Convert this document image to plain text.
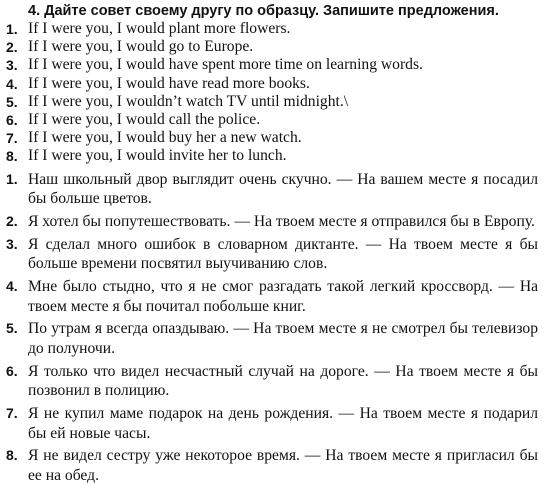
4. Дайте совет своему другу по образцу. Запишите предложения.
1. If I were you, I would plant more flowers.
2. If I were you, I would go to Europe.
3. If I were you, I would have spent more time on learning words.
4. If I were you, I would have read more books.
5. If I were you, I wouldn’t watch TV until midnight.\
6. If I were you, I would call the police.
7. If I were you, I would buy her a new watch.
8. If I were you, I would invite her to lunch.
1. Наш школьный двор выглядит очень скучно. — На вашем месте я посадил бы больше цветов.
2. Я хотел бы попутешествовать. — На твоем месте я отправился бы в Европу.
3. Я сделал много ошибок в словарном диктанте. — На твоем месте я бы больше времени посвятил выучиванию слов.
4. Мне было стыдно, что я не смог разгадать такой легкий кроссворд. — На твоем месте я бы почитал побольше книг.
5. По утрам я всегда опаздываю. — На твоем месте я не смотрел бы телевизор до полуночи.
6. Я только что видел несчастный случай на дороге. — На твоем месте я бы позвонил в полицию.
7. Я не купил маме подарок на день рождения. — На твоем месте я подарил бы ей новые часы.
8. Я не видел сестру уже некоторое время. — На твоем месте я пригласил бы ее на обед.
